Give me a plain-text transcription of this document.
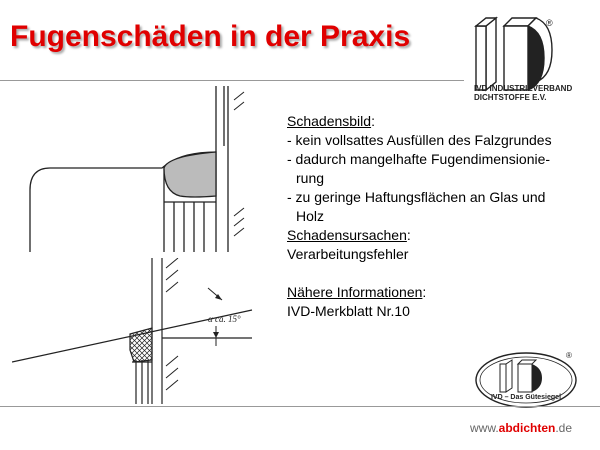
Fugenschäden in der Praxis	®
IVD INDUSTRIEVERBAND
DICHTSTOFFE E.V.
α ca. 15°
Schadensbild:
- kein vollsattes Ausfüllen des Falzgrundes
- dadurch mangelhafte Fugendimensionie-
rung
- zu geringe Haftungsflächen an Glas und
Holz
Schadensursachen:
Verarbeitungsfehler
Nähere Informationen:
IVD-Merkblatt Nr.10
®
IVD – Das Gütesiegel
www.abdichten.de
